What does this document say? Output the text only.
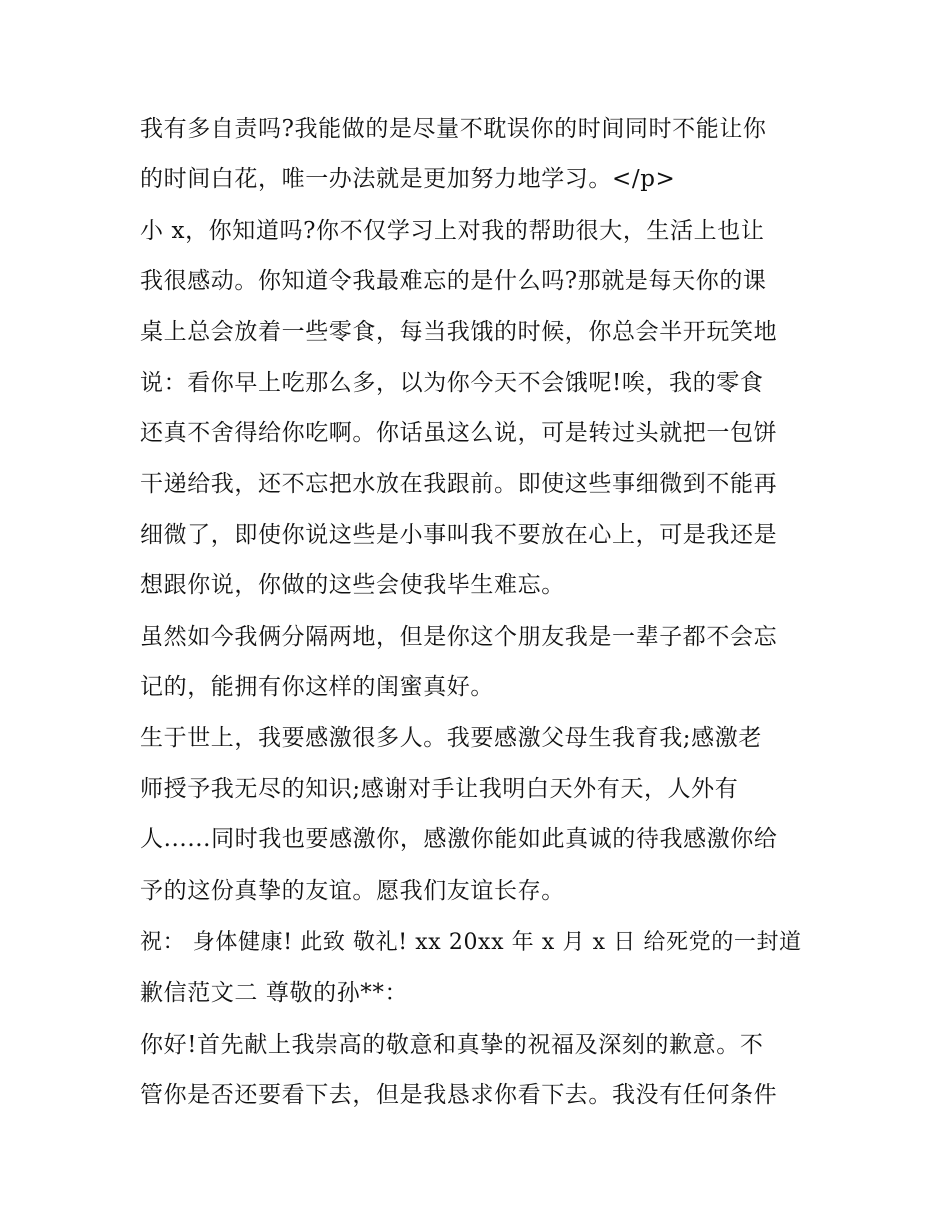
我有多自责吗?我能做的是尽量不耽误你的时间同时不能让你
的时间白花，唯一办法就是更加努力地学习。</p>
小 x，你知道吗?你不仅学习上对我的帮助很大，生活上也让
我很感动。你知道令我最难忘的是什么吗?那就是每天你的课
桌上总会放着一些零食，每当我饿的时候，你总会半开玩笑地
说：看你早上吃那么多，以为你今天不会饿呢!唉，我的零食
还真不舍得给你吃啊。你话虽这么说，可是转过头就把一包饼
干递给我，还不忘把水放在我跟前。即使这些事细微到不能再
细微了，即使你说这些是小事叫我不要放在心上，可是我还是
想跟你说，你做的这些会使我毕生难忘。
虽然如今我俩分隔两地，但是你这个朋友我是一辈子都不会忘
记的，能拥有你这样的闺蜜真好。
生于世上，我要感激很多人。我要感激父母生我育我;感激老
师授予我无尽的知识;感谢对手让我明白天外有天，人外有
人......同时我也要感激你，感激你能如此真诚的待我感激你给
予的这份真挚的友谊。愿我们友谊长存。
祝： 身体健康! 此致 敬礼! xx 20xx 年 x 月 x 日 给死党的一封道
歉信范文二 尊敬的孙**：
你好!首先献上我崇高的敬意和真挚的祝福及深刻的歉意。不
管你是否还要看下去，但是我恳求你看下去。我没有任何条件
